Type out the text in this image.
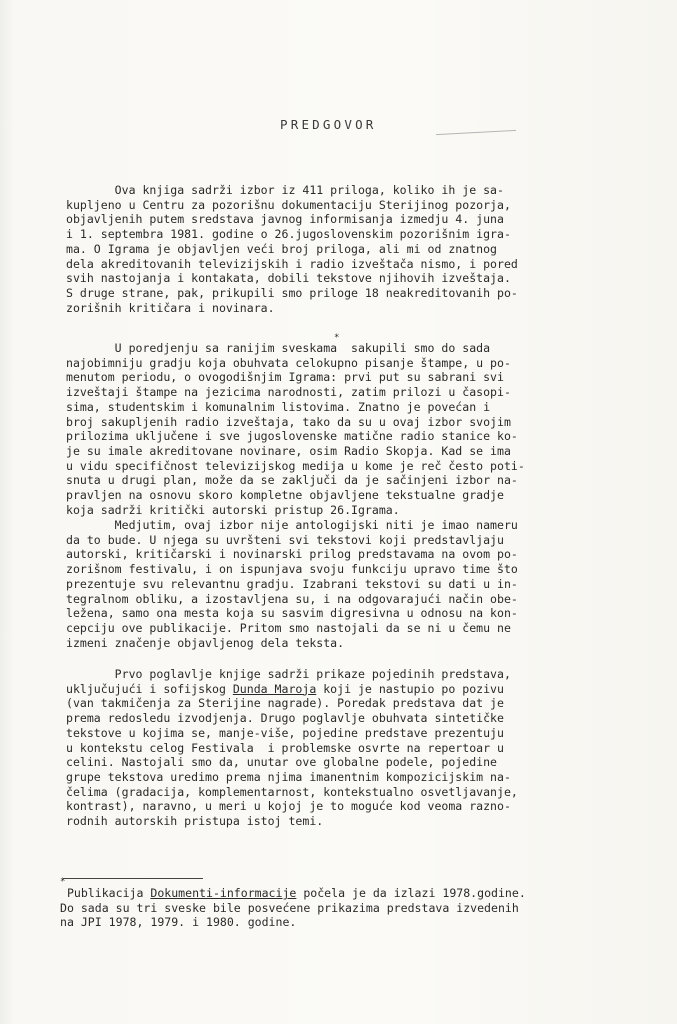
PREDGOVOR
Ova knjiga sadrži izbor iz 411 priloga, koliko ih je sa-
kupljeno u Centru za pozorišnu dokumentaciju Sterijinog pozorja,
objavljenih putem sredstava javnog informisanja izmedju 4. juna
i 1. septembra 1981. godine o 26.jugoslovenskim pozorišnim igra-
ma. O Igrama je objavljen veći broj priloga, ali mi od znatnog
dela akreditovanih televizijskih i radio izveštača nismo, i pored
svih nastojanja i kontakata, dobili tekstove njihovih izveštaja.
S druge strane, pak, prikupili smo priloge 18 neakreditovanih po-
zorišnih kritičara i novinara.
*
U poredjenju sa ranijim sveskama  sakupili smo do sada
najobimniju gradju koja obuhvata celokupno pisanje štampe, u po-
menutom periodu, o ovogodišnjim Igrama: prvi put su sabrani svi
izveštaji štampe na jezicima narodnosti, zatim prilozi u časopi-
sima, studentskim i komunalnim listovima. Znatno je povećan i
broj sakupljenih radio izveštaja, tako da su u ovaj izbor svojim
prilozima uključene i sve jugoslovenske matične radio stanice ko-
je su imale akreditovane novinare, osim Radio Skopja. Kad se ima
u vidu specifičnost televizijskog medija u kome je reč često poti-
snuta u drugi plan, može da se zaključi da je sačinjeni izbor na-
pravljen na osnovu skoro kompletne objavljene tekstualne gradje
koja sadrži kritički autorski pristup 26.Igrama.
Medjutim, ovaj izbor nije antologijski niti je imao nameru
da to bude. U njega su uvršteni svi tekstovi koji predstavljaju
autorski, kritičarski i novinarski prilog predstavama na ovom po-
zorišnom festivalu, i on ispunjava svoju funkciju upravo time što
prezentuje svu relevantnu gradju. Izabrani tekstovi su dati u in-
tegralnom obliku, a izostavljena su, i na odgovarajući način obe-
ležena, samo ona mesta koja su sasvim digresivna u odnosu na kon-
cepciju ove publikacije. Pritom smo nastojali da se ni u čemu ne
izmeni značenje objavljenog dela teksta.
Prvo poglavlje knjige sadrži prikaze pojedinih predstava,
uključujući i sofijskog Dunda Maroja koji je nastupio po pozivu
(van takmičenja za Sterijine nagrade). Poredak predstava dat je
prema redosledu izvodjenja. Drugo poglavlje obuhvata sintetičke
tekstove u kojima se, manje-više, pojedine predstave prezentuju
u kontekstu celog Festivala  i problemske osvrte na repertoar u
celini. Nastojali smo da, unutar ove globalne podele, pojedine
grupe tekstova uredimo prema njima imanentnim kompozicijskim na-
čelima (gradacija, komplementarnost, kontekstualno osvetljavanje,
kontrast), naravno, u meri u kojoj je to moguće kod veoma razno-
rodnih autorskih pristupa istoj temi.
*
Publikacija Dokumenti-informacije počela je da izlazi 1978.godine.
Do sada su tri sveske bile posvećene prikazima predstava izvedenih
na JPI 1978, 1979. i 1980. godine.
